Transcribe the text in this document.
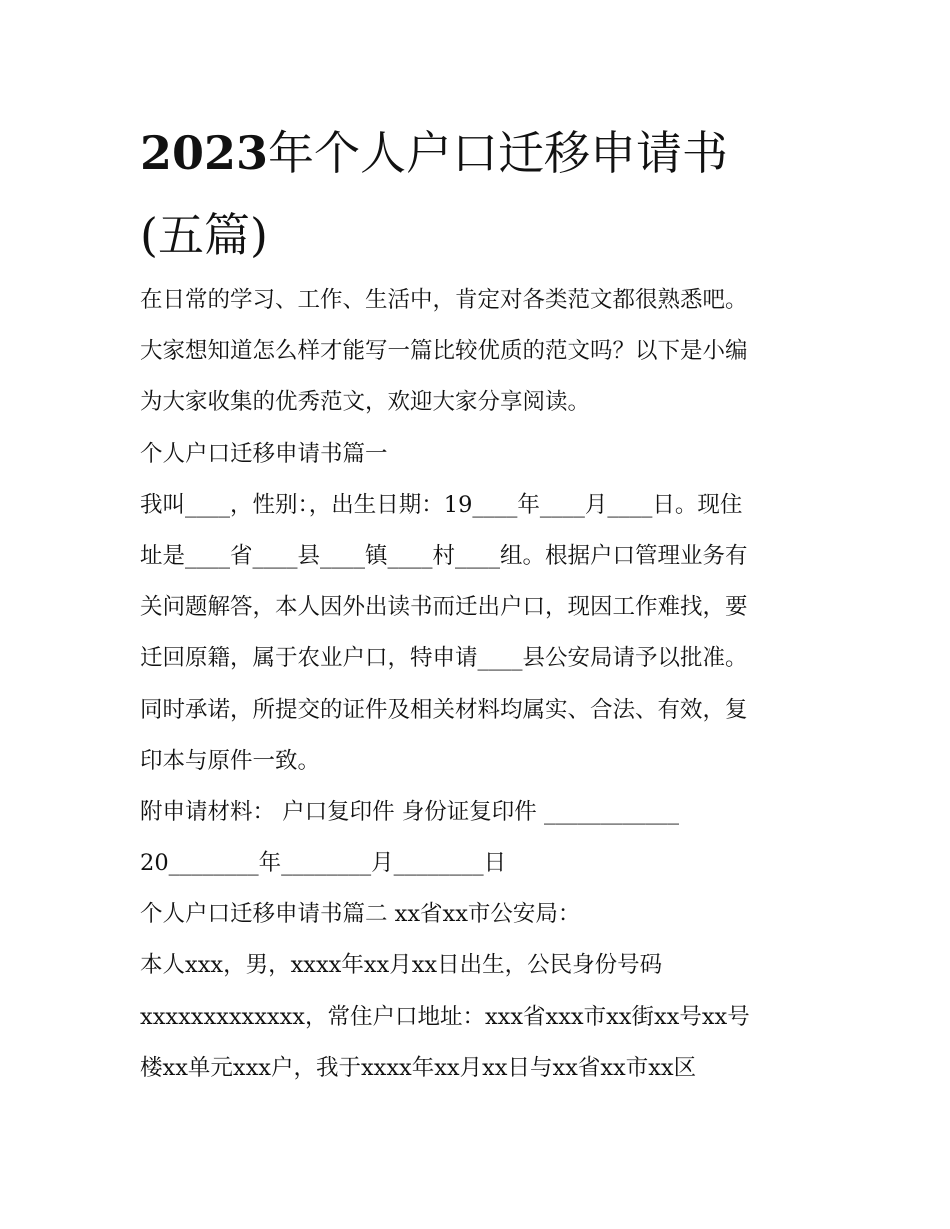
2023年个人户口迁移申请书
(五篇)
在日常的学习、工作、生活中，肯定对各类范文都很熟悉吧。
大家想知道怎么样才能写一篇比较优质的范文吗？以下是小编
为大家收集的优秀范文，欢迎大家分享阅读。
个人户口迁移申请书篇一
我叫____，性别：，出生日期：19____年____月____日。现住
址是____省____县____镇____村____组。根据户口管理业务有
关问题解答，本人因外出读书而迁出户口，现因工作难找，要
迁回原籍，属于农业户口，特申请____县公安局请予以批准。
同时承诺，所提交的证件及相关材料均属实、合法、有效，复
印本与原件一致。
附申请材料： 户口复印件 身份证复印件 ____________
20________年________月________日
个人户口迁移申请书篇二 xx省xx市公安局：
本人xxx，男，xxxx年xx月xx日出生，公民身份号码
xxxxxxxxxxxxx，常住户口地址：xxx省xxx市xx街xx号xx号
楼xx单元xxx户，我于xxxx年xx月xx日与xx省xx市xx区
